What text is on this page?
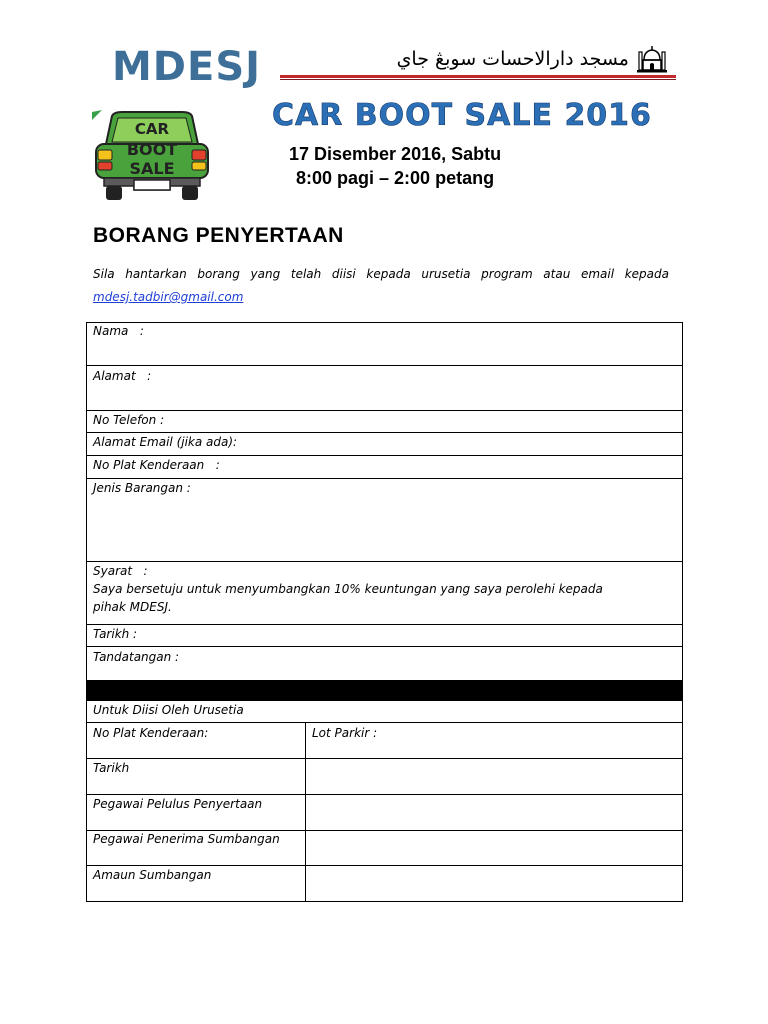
MDESJ	مسجد دارالاحسات سوبڠ جاي
CAR
BOOT
SALE
CAR BOOT SALE 2016
17 Disember 2016, Sabtu
8:00 pagi – 2:00 petang
BORANG PENYERTAAN
Sila hantarkan borang yang telah diisi kepada urusetia program atau email kepada
mdesj.tadbir@gmail.com
Nama   :
Alamat   :
No Telefon :
Alamat Email (jika ada):
No Plat Kenderaan   :
Jenis Barangan :
Syarat   :
Saya bersetuju untuk menyumbangkan 10% keuntungan yang saya perolehi kepada
pihak MDESJ.
Tarikh :
Tandatangan :
Untuk Diisi Oleh Urusetia
No Plat Kenderaan:	Lot Parkir :
Tarikh
Pegawai Pelulus Penyertaan
Pegawai Penerima Sumbangan
Amaun Sumbangan
